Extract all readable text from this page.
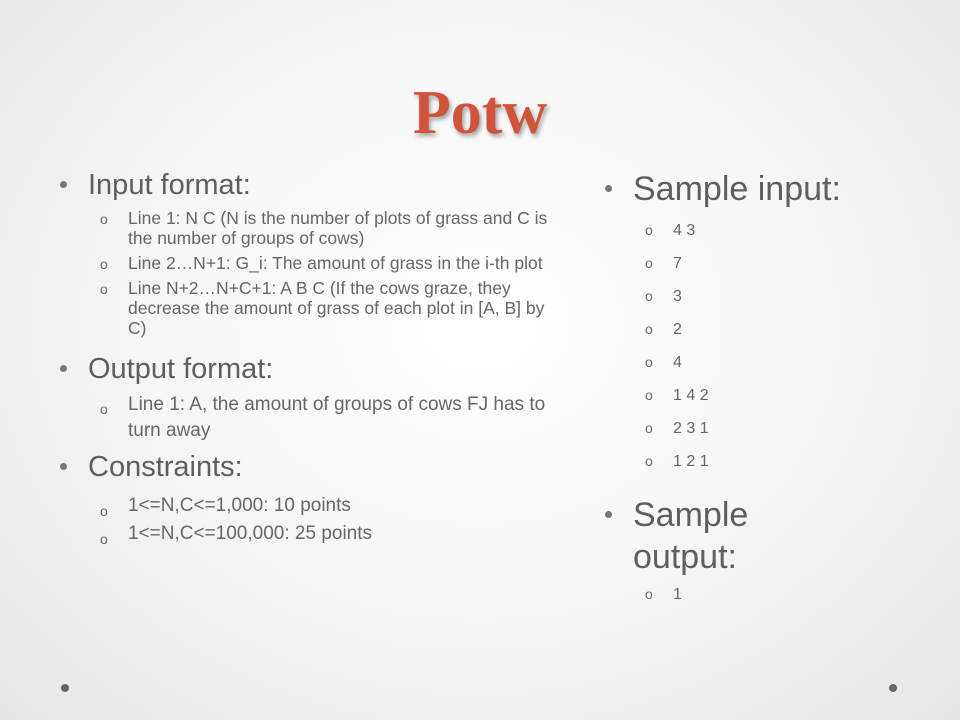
Potw
Input format:
o Line 1: N C (N is the number of plots of grass and C is the number of groups of cows)
o Line 2…N+1: G_i: The amount of grass in the i-th plot
o Line N+2…N+C+1: A B C (If the cows graze, they decrease the amount of grass of each plot in [A, B] by C)
Output format:
o Line 1: A, the amount of groups of cows FJ has to turn away
Constraints:
o 1<=N,C<=1,000: 10 points
o 1<=N,C<=100,000: 25 points
Sample input:
o 4 3
o 7
o 3
o 2
o 4
o 1 4 2
o 2 3 1
o 1 2 1
Sample output:
o 1
